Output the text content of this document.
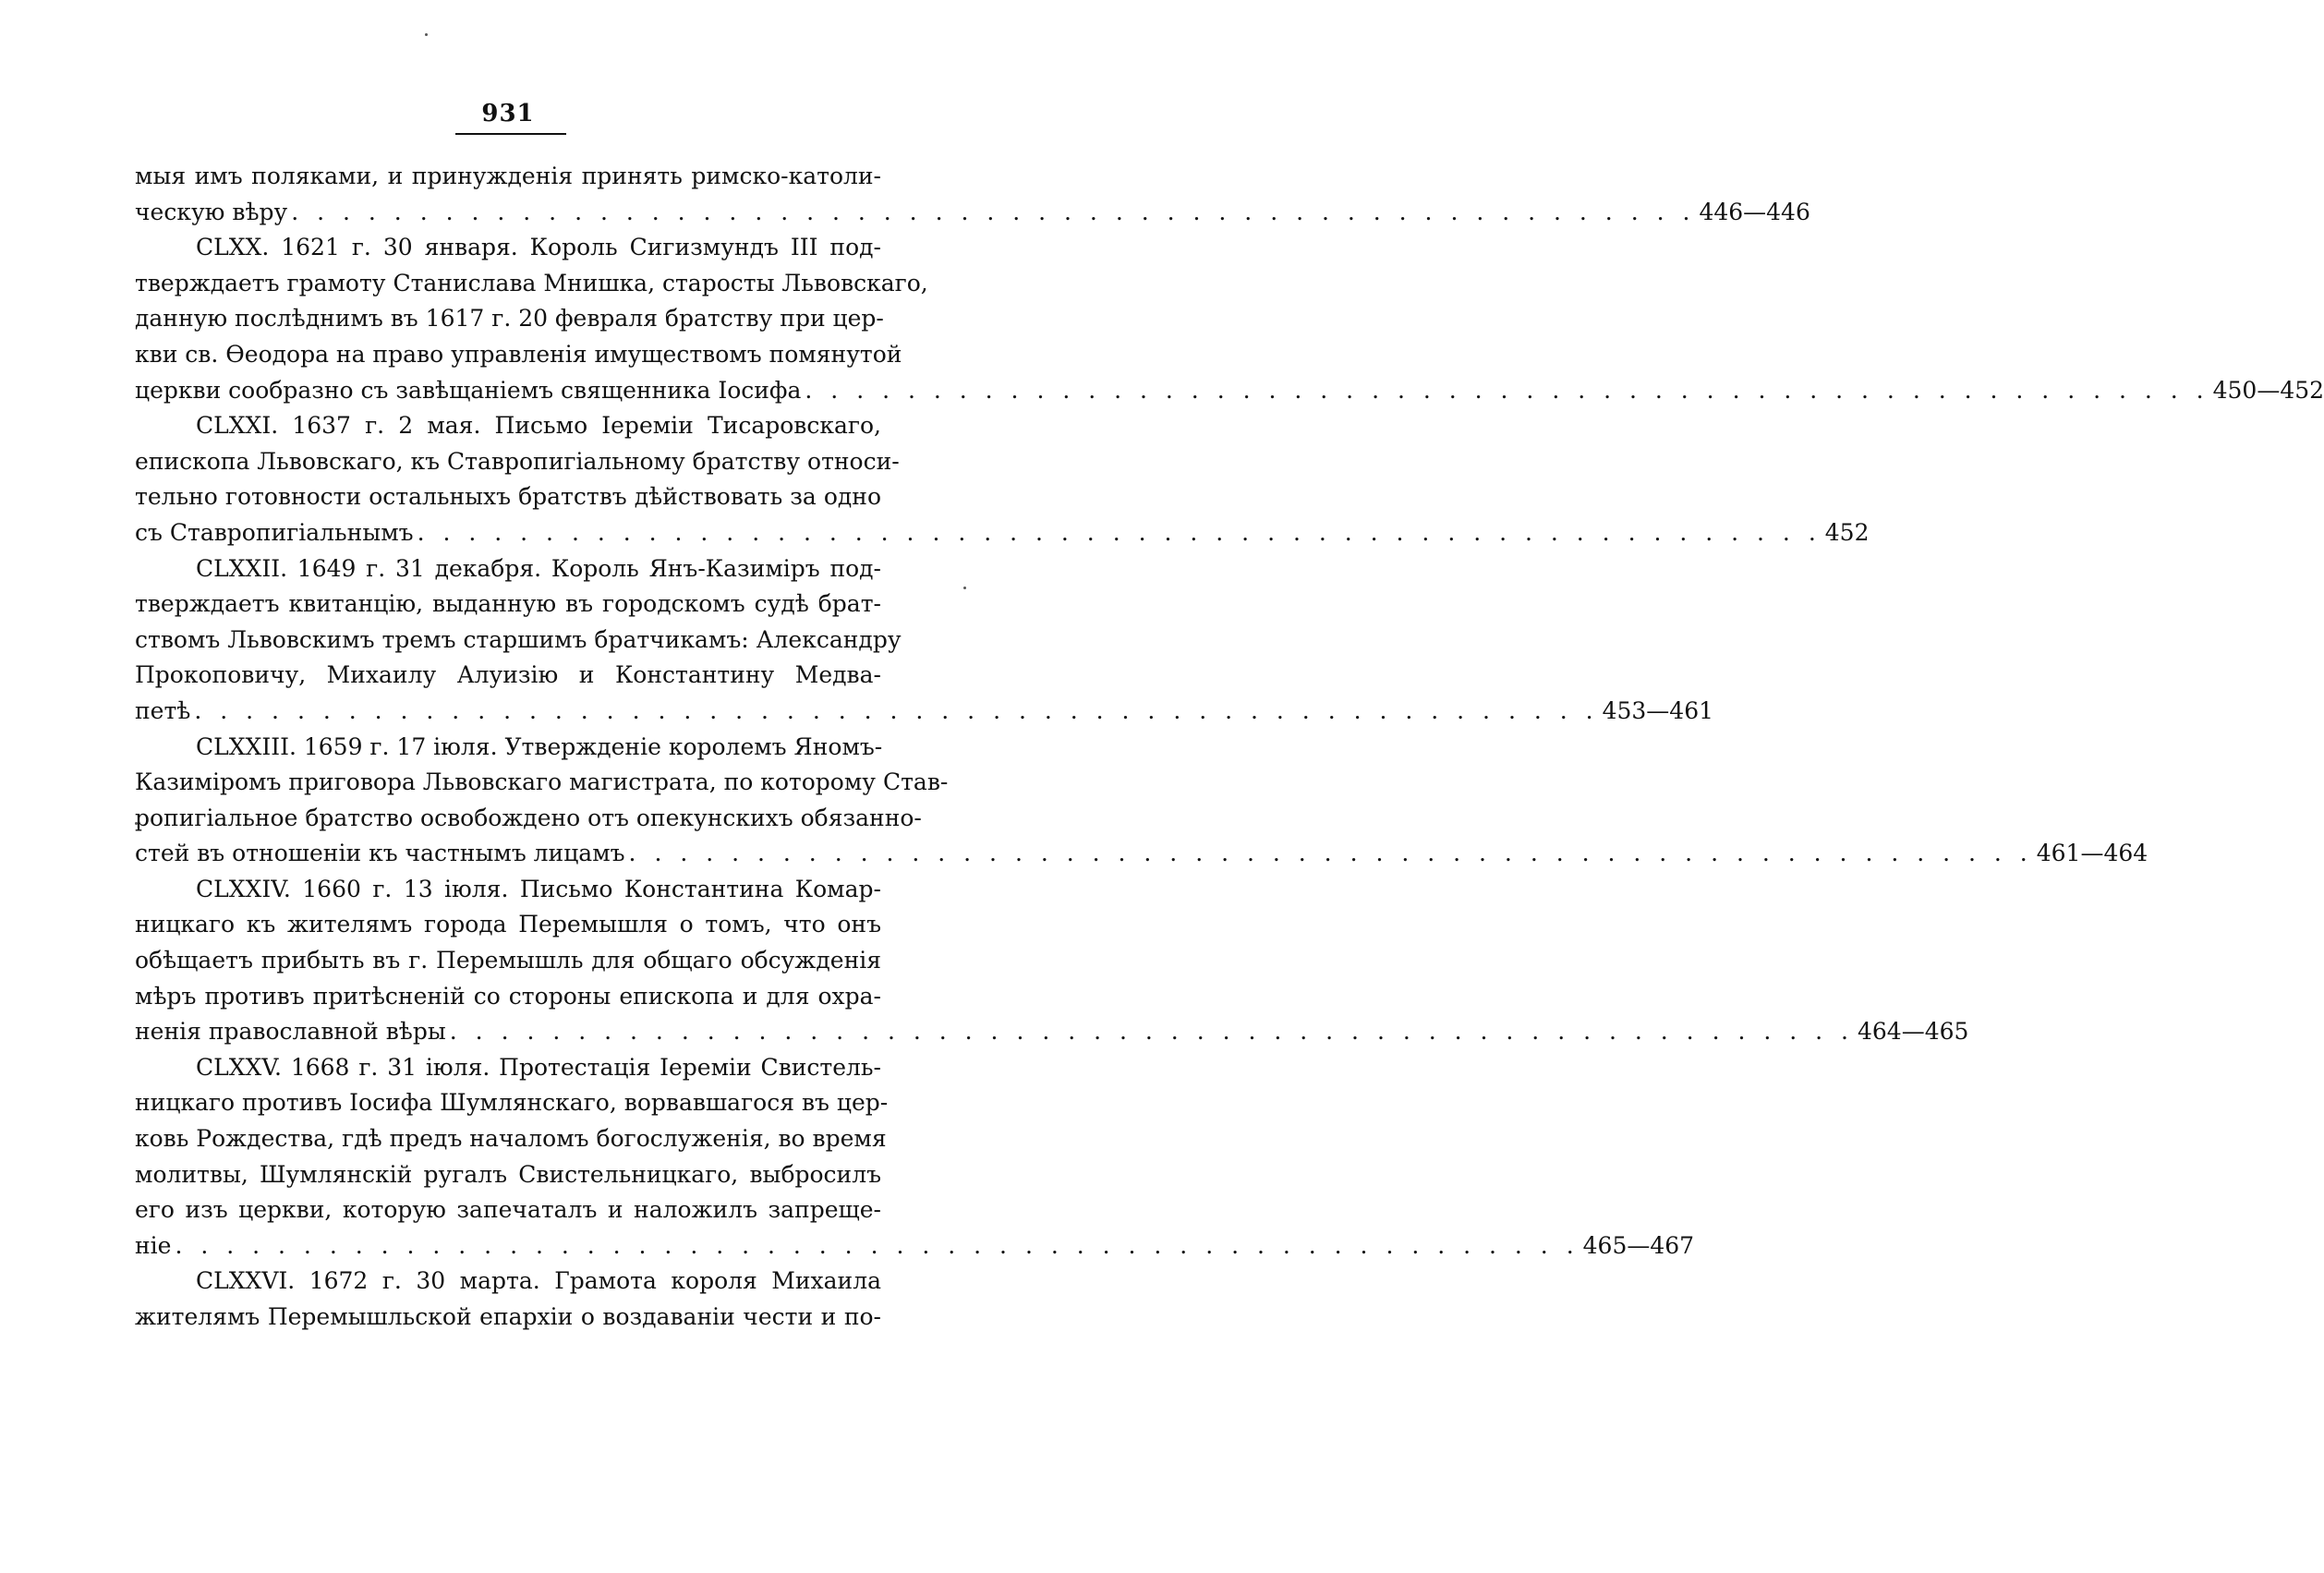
931
мыя имъ поляками, и принужденія принять римско-католи-
ческую вѣру . . .	446—446
CLXX. 1621 г. 30 января. Король Сигизмундъ III под-
тверждаетъ грамоту Станислава Мнишка, старосты Львовскаго,
данную послѣднимъ въ 1617 г. 20 февраля братству при цер-
кви св. Ѳеодора на право управленія имуществомъ помянутой
церкви сообразно съ завѣщаніемъ священника Іосифа . . .	450—452
CLXXI. 1637 г. 2 мая. Письмо Іереміи Тисаровскаго,
епископа Львовскаго, къ Ставропигіальному братству относи-
тельно готовности остальныхъ братствъ дѣйствовать за одно
съ Ставропигіальнымъ . . .	452
CLXXII. 1649 г. 31 декабря. Король Янъ-Казиміръ под-
тверждаетъ квитанцію, выданную въ городскомъ судѣ брат-
ствомъ Львовскимъ тремъ старшимъ братчикамъ: Александру
Прокоповичу, Михаилу Алуизію и Константину Медва-
петѣ . . .	453—461
CLXXIII. 1659 г. 17 іюля. Утвержденіе королемъ Яномъ-
Казиміромъ приговора Львовскаго магистрата, по которому Став-
ропигіальное братство освобождено отъ опекунскихъ обязанно-
стей въ отношеніи къ частнымъ лицамъ . . .	461—464
CLXXIV. 1660 г. 13 іюля. Письмо Константина Комар-
ницкаго къ жителямъ города Перемышля о томъ, что онъ
обѣщаетъ прибыть въ г. Перемышль для общаго обсужденія
мѣръ противъ притѣсненій со стороны епископа и для охра-
ненія православной вѣры . . .	464—465
CLXXV. 1668 г. 31 іюля. Протестація Іереміи Свистель-
ницкаго противъ Іосифа Шумлянскаго, ворвавшагося въ цер-
ковь Рождества, гдѣ предъ началомъ богослуженія, во время
молитвы, Шумлянскій ругалъ Свистельницкаго, выбросилъ
его изъ церкви, которую запечаталъ и наложилъ запреще-
ніе . . .	465—467
CLXXVI. 1672 г. 30 марта. Грамота короля Михаила
жителямъ Перемышльской епархіи о воздаваніи чести и по-
